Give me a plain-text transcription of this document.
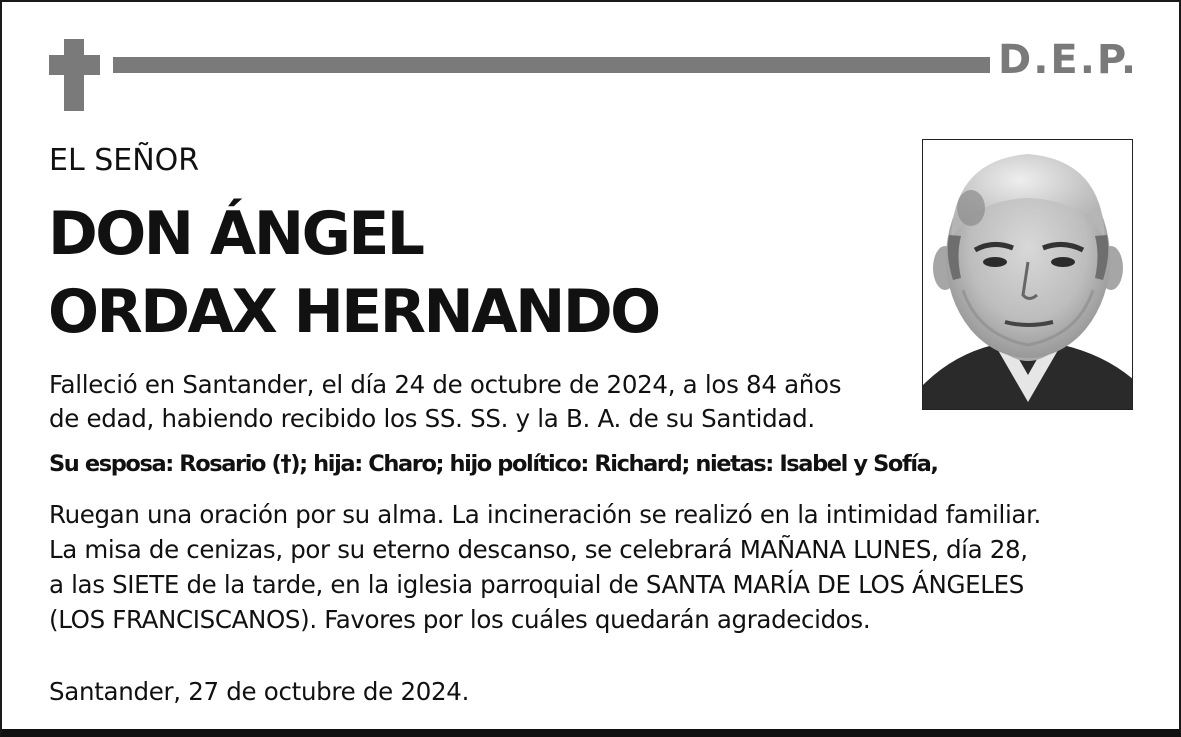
D.E.P.
EL SEÑOR
DON ÁNGEL
ORDAX HERNANDO
Falleció en Santander, el día 24 de octubre de 2024, a los 84 años
de edad, habiendo recibido los SS. SS. y la B. A. de su Santidad.
Su esposa: Rosario (†); hija: Charo; hijo político: Richard; nietas: Isabel y Sofía,
Ruegan una oración por su alma. La incineración se realizó en la intimidad familiar.
La misa de cenizas, por su eterno descanso, se celebrará MAÑANA LUNES, día 28,
a las SIETE de la tarde, en la iglesia parroquial de SANTA MARÍA DE LOS ÁNGELES
(LOS FRANCISCANOS). Favores por los cuáles quedarán agradecidos.
Santander, 27 de octubre de 2024.
